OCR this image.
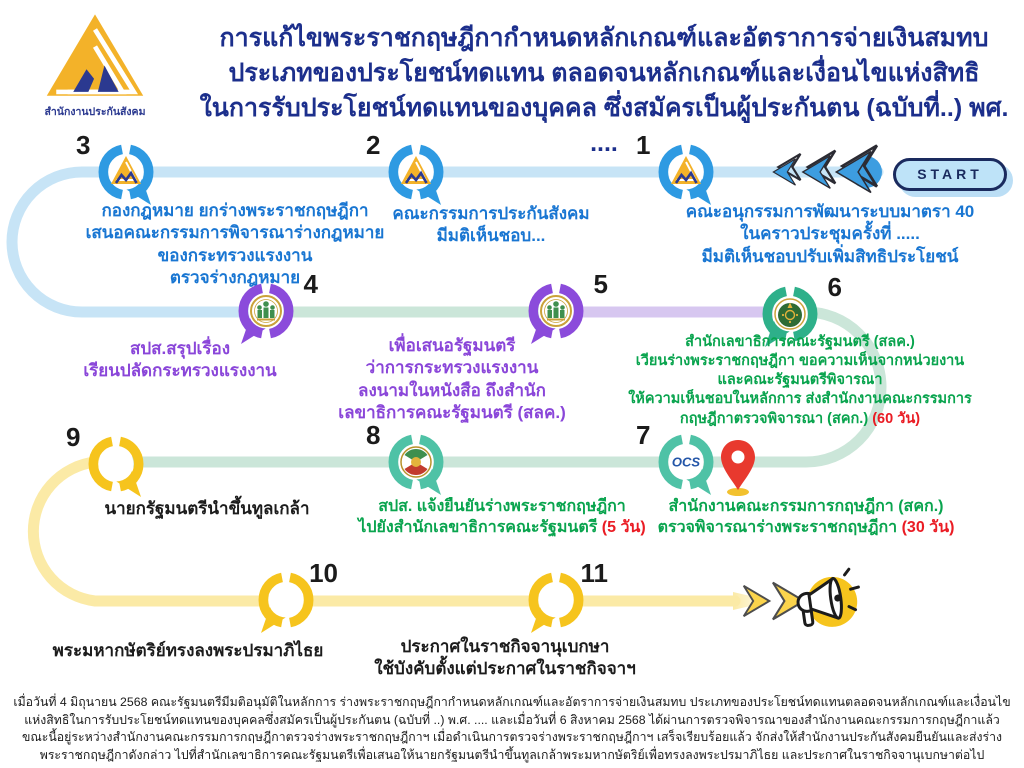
สำนักงานประกันสังคม
การแก้ไขพระราชกฤษฎีกากำหนดหลักเกณฑ์และอัตราการจ่ายเงินสมทบ
ประเภทของประโยชน์ทดแทน ตลอดจนหลักเกณฑ์และเงื่อนไขแห่งสิทธิ
ในการรับประโยชน์ทดแทนของบุคคล ซึ่งสมัครเป็นผู้ประกันตน (ฉบับที่..) พศ. ....
START
1
คณะอนุกรรมการพัฒนาระบบมาตรา 40
ในคราวประชุมครั้งที่ .....
มีมติเห็นชอบปรับเพิ่มสิทธิประโยชน์
2
คณะกรรมการประกันสังคม
มีมติเห็นชอบ...
3
กองกฎหมาย ยกร่างพระราชกฤษฎีกา
เสนอคณะกรรมการพิจารณาร่างกฎหมาย
ของกระทรวงแรงงาน
ตรวจร่างกฎหมาย 4
สปส.สรุปเรื่อง
เรียนปลัดกระทรวงแรงงาน
5
เพื่อเสนอรัฐมนตรี
ว่าการกระทรวงแรงงาน
ลงนามในหนังสือ ถึงสำนัก
เลขาธิการคณะรัฐมนตรี (สลค.)
6
สำนักเลขาธิการคณะรัฐมนตรี (สลค.)
เวียนร่างพระราชกฤษฎีกา ขอความเห็นจากหน่วยงาน
และคณะรัฐมนตรีพิจารณา
ให้ความเห็นชอบในหลักการ ส่งสำนักงานคณะกรรมการ
กฤษฎีกาตรวจพิจารณา (สคก.) (60 วัน)
7
OCS
สำนักงานคณะกรรมการกฤษฎีกา (สคก.)
ตรวจพิจารณาร่างพระราชกฤษฎีกา (30 วัน)
8
สปส. แจ้งยืนยันร่างพระราชกฤษฎีกา
ไปยังสำนักเลขาธิการคณะรัฐมนตรี (5 วัน)
9
นายกรัฐมนตรีนำขึ้นทูลเกล้า
10
พระมหากษัตริย์ทรงลงพระปรมาภิไธย
11
ประกาศในราชกิจจานุเบกษา
ใช้บังคับตั้งแต่ประกาศในราชกิจจาฯ
เมื่อวันที่ 4 มิถุนายน 2568 คณะรัฐมนตรีมีมติอนุมัติในหลักการ ร่างพระราชกฤษฎีกากำหนดหลักเกณฑ์และอัตราการจ่ายเงินสมทบ ประเภทของประโยชน์ทดแทนตลอดจนหลักเกณฑ์และเงื่อนไข
แห่งสิทธิในการรับประโยชน์ทดแทนของบุคคลซึ่งสมัครเป็นผู้ประกันตน (ฉบับที่ ..) พ.ศ. .... และเมื่อวันที่ 6 สิงหาคม 2568 ได้ผ่านการตรวจพิจารณาของสำนักงานคณะกรรมการกฤษฎีกาแล้ว
ขณะนี้อยู่ระหว่างสำนักงานคณะกรรมการกฤษฎีกาตรวจร่างพระราชกฤษฎีกาฯ เมื่อดำเนินการตรวจร่างพระราชกฤษฎีกาฯ เสร็จเรียบร้อยแล้ว จักส่งให้สำนักงานประกันสังคมยืนยันและส่งร่าง
พระราชกฤษฎีกาดังกล่าว ไปที่สำนักเลขาธิการคณะรัฐมนตรีเพื่อเสนอให้นายกรัฐมนตรีนำขึ้นทูลเกล้าพระมหากษัตริย์เพื่อทรงลงพระปรมาภิไธย และประกาศในราชกิจจานุเบกษาต่อไป
